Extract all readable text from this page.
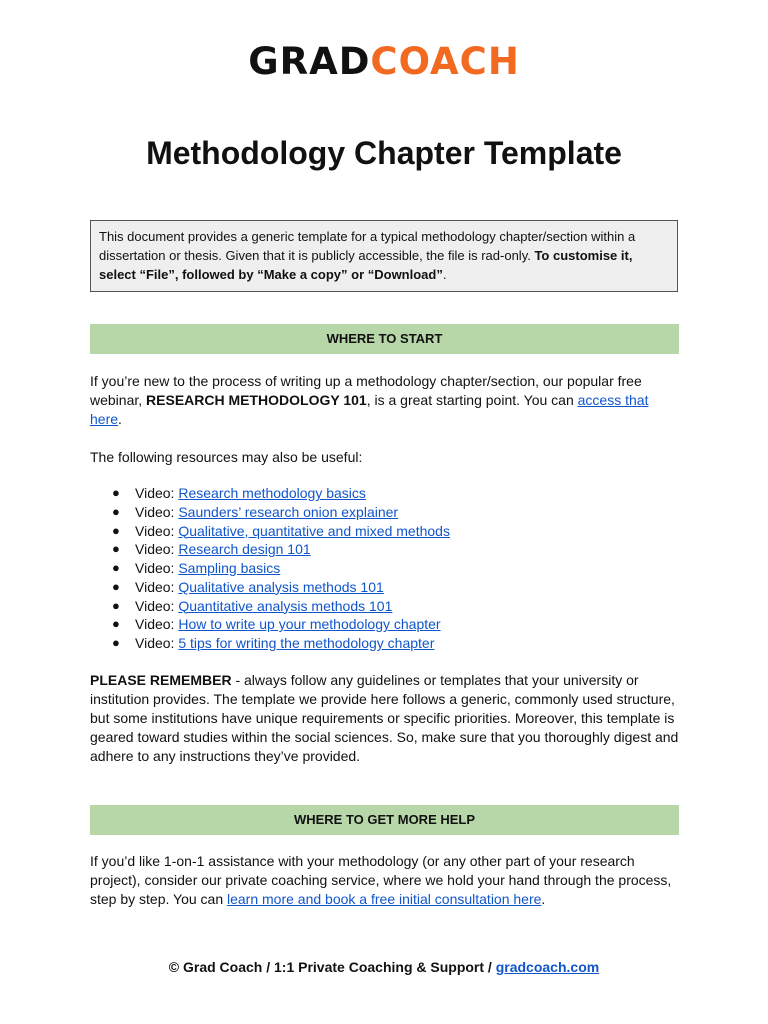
GRADCOACH
Methodology Chapter Template
This document provides a generic template for a typical methodology chapter/section within a dissertation or thesis. Given that it is publicly accessible, the file is rad-only. To customise it, select “File”, followed by “Make a copy” or “Download”.
WHERE TO START

If you’re new to the process of writing up a methodology chapter/section, our popular free webinar, RESEARCH METHODOLOGY 101, is a great starting point. You can access that here.

The following resources may also be useful:

● Video: Research methodology basics
● Video: Saunders’ research onion explainer
● Video: Qualitative, quantitative and mixed methods
● Video: Research design 101
● Video: Sampling basics
● Video: Qualitative analysis methods 101
● Video: Quantitative analysis methods 101
● Video: How to write up your methodology chapter
● Video: 5 tips for writing the methodology chapter

PLEASE REMEMBER - always follow any guidelines or templates that your university or institution provides. The template we provide here follows a generic, commonly used structure, but some institutions have unique requirements or specific priorities. Moreover, this template is geared toward studies within the social sciences. So, make sure that you thoroughly digest and adhere to any instructions they’ve provided.

WHERE TO GET MORE HELP

If you’d like 1-on-1 assistance with your methodology (or any other part of your research project), consider our private coaching service, where we hold your hand through the process, step by step. You can learn more and book a free initial consultation here.

© Grad Coach / 1:1 Private Coaching & Support / gradcoach.com
